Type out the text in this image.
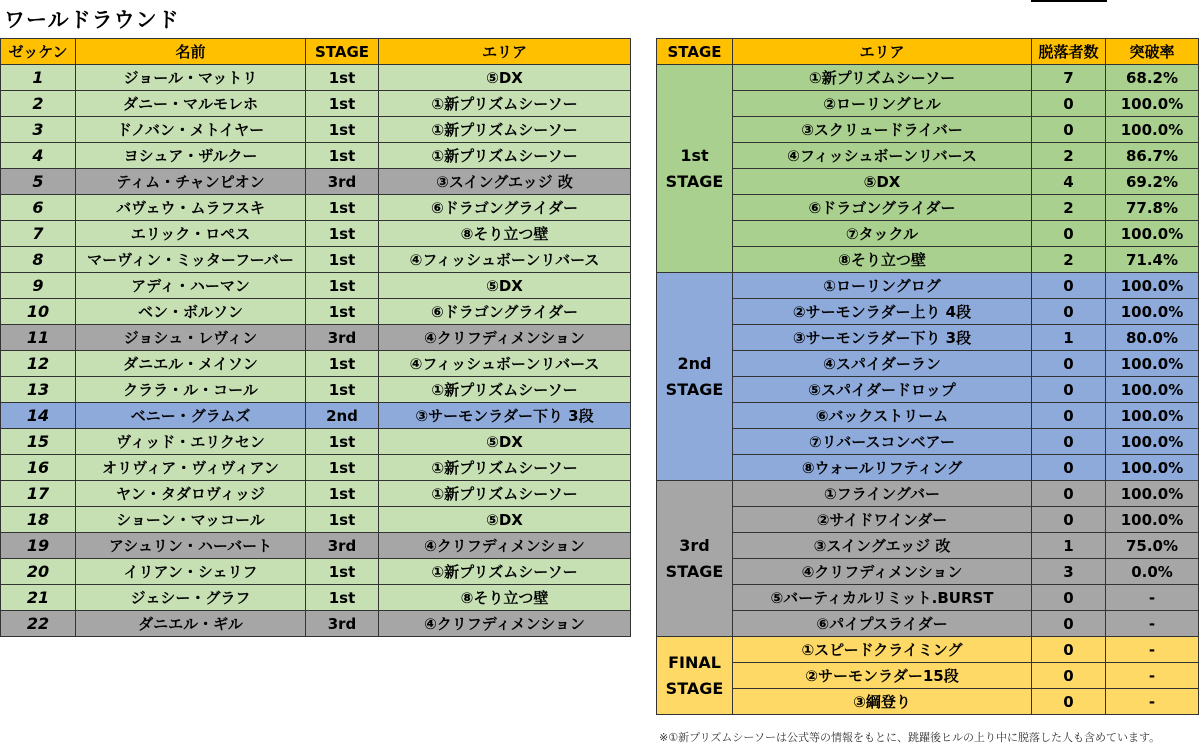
ワールドラウンド
ゼッケン	名前	STAGE	エリア
1	ジョール・マットリ	1st	⑤DX
2	ダニー・マルモレホ	1st	①新プリズムシーソー
3	ドノバン・メトイヤー	1st	①新プリズムシーソー
4	ヨシュア・ザルクー	1st	①新プリズムシーソー
5	ティム・チャンピオン	3rd	③スイングエッジ 改
6	バヴェウ・ムラフスキ	1st	⑥ドラゴングライダー
7	エリック・ロペス	1st	⑧そり立つ壁
8	マーヴィン・ミッターフーバー	1st	④フィッシュボーンリバース
9	アディ・ハーマン	1st	⑤DX
10	ベン・ボルソン	1st	⑥ドラゴングライダー
11	ジョシュ・レヴィン	3rd	④クリフディメンション
12	ダニエル・メイソン	1st	④フィッシュボーンリバース
13	クララ・ル・コール	1st	①新プリズムシーソー
14	ベニー・グラムズ	2nd	③サーモンラダー下り 3段
15	ヴィッド・エリクセン	1st	⑤DX
16	オリヴィア・ヴィヴィアン	1st	①新プリズムシーソー
17	ヤン・タダロヴィッジ	1st	①新プリズムシーソー
18	ショーン・マッコール	1st	⑤DX
19	アシュリン・ハーバート	3rd	④クリフディメンション
20	イリアン・シェリフ	1st	①新プリズムシーソー
21	ジェシー・グラフ	1st	⑧そり立つ壁
22	ダニエル・ギル	3rd	④クリフディメンション
STAGE	エリア	脱落者数	突破率

1st
STAGE	①新プリズムシーソー	7	68.2%
	②ローリングヒル	0	100.0%
	③スクリュードライバー	0	100.0%
	④フィッシュボーンリバース	2	86.7%
	⑤DX	4	69.2%
	⑥ドラゴングライダー	2	77.8%
	⑦タックル	0	100.0%
	⑧そり立つ壁	2	71.4%

2nd
STAGE	①ローリングログ	0	100.0%
	②サーモンラダー上り 4段	0	100.0%
	③サーモンラダー下り 3段	1	80.0%
	④スパイダーラン	0	100.0%
	⑤スパイダードロップ	0	100.0%
	⑥バックストリーム	0	100.0%
	⑦リバースコンベアー	0	100.0%
	⑧ウォールリフティング	0	100.0%

3rd
STAGE	①フライングバー	0	100.0%
	②サイドワインダー	0	100.0%
	③スイングエッジ 改	1	75.0%
	④クリフディメンション	3	0.0%
	⑤バーティカルリミット.BURST	0	-
	⑥パイプスライダー	0	-

FINAL
STAGE	①スピードクライミング	0	-
	②サーモンラダー15段	0	-
	③綱登り	0	-
※①新プリズムシーソーは公式等の情報をもとに、跳躍後ヒルの上り中に脱落した人も含めています。
